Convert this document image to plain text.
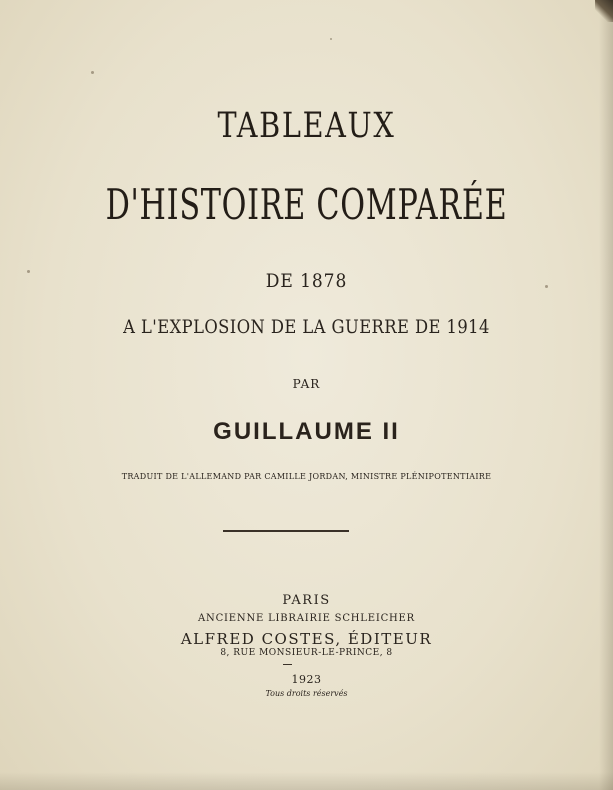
TABLEAUX
D'HISTOIRE COMPARÉE
DE 1878
A L'EXPLOSION DE LA GUERRE DE 1914
PAR
GUILLAUME II
TRADUIT DE L'ALLEMAND PAR CAMILLE JORDAN, MINISTRE PLÉNIPOTENTIAIRE
PARIS
ANCIENNE LIBRAIRIE SCHLEICHER
ALFRED COSTES, ÉDITEUR
8, RUE MONSIEUR-LE-PRINCE, 8
1923
Tous droits réservés
